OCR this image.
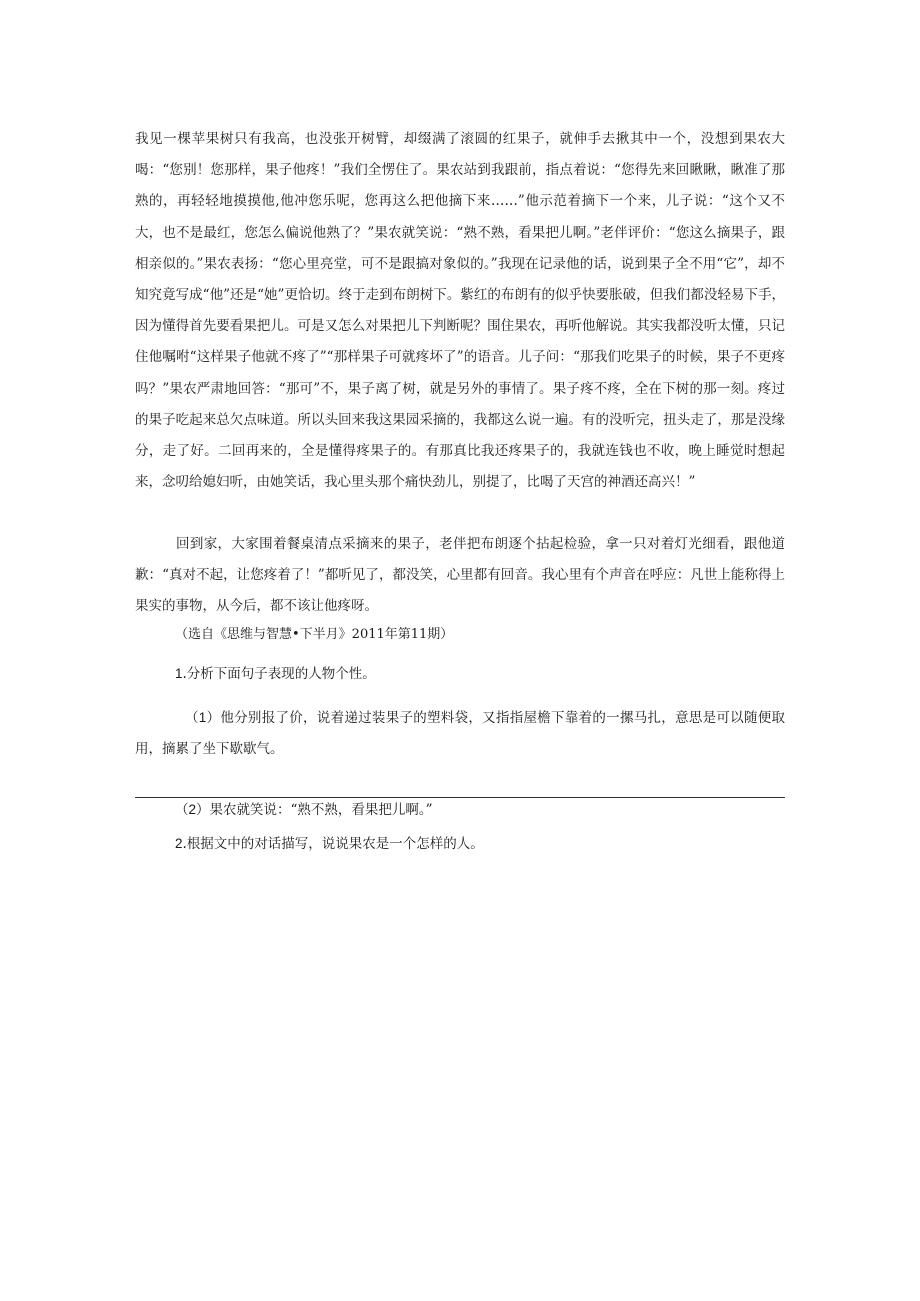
我见一棵苹果树只有我高，也没张开树臂，却缀满了滚圆的红果子，就伸手去揪其中一个，没想到果农大喝：“您别！您那样，果子他疼！”我们全愣住了。果农站到我跟前，指点着说：“您得先来回瞅瞅，瞅准了那熟的，再轻轻地摸摸他,他冲您乐呢，您再这么把他摘下来……”他示范着摘下一个来，儿子说：“这个又不大，也不是最红，您怎么偏说他熟了？”果农就笑说：“熟不熟，看果把儿啊。”老伴评价：“您这么摘果子，跟相亲似的。”果农表扬：“您心里亮堂，可不是跟搞对象似的。”我现在记录他的话，说到果子全不用“它”，却不知究竟写成“他”还是“她”更恰切。终于走到布朗树下。紫红的布朗有的似乎快要胀破，但我们都没轻易下手，因为懂得首先要看果把儿。可是又怎么对果把儿下判断呢？围住果农，再听他解说。其实我都没听太懂，只记住他嘱咐“这样果子他就不疼了”“那样果子可就疼坏了”的语音。儿子问：“那我们吃果子的时候，果子不更疼吗？”果农严肃地回答：“那可”不，果子离了树，就是另外的事情了。果子疼不疼，全在下树的那一刻。疼过的果子吃起来总欠点味道。所以头回来我这果园采摘的，我都这么说一遍。有的没听完，扭头走了，那是没缘分，走了好。二回再来的，全是懂得疼果子的。有那真比我还疼果子的，我就连钱也不收，晚上睡觉时想起来，念叨给媳妇听，由她笑话，我心里头那个痛快劲儿，别提了，比喝了天宫的神酒还高兴！”

回到家，大家围着餐桌清点采摘来的果子，老伴把布朗逐个拈起检验，拿一只对着灯光细看，跟他道歉：“真对不起，让您疼着了！”都听见了，都没笑，心里都有回音。我心里有个声音在呼应：凡世上能称得上果实的事物，从今后，都不该让他疼呀。

（选自《思维与智慧•下半月》2011年第11期）

1.分析下面句子表现的人物个性。

（1）他分别报了价，说着递过装果子的塑料袋，又指指屋檐下靠着的一摞马扎，意思是可以随便取用，摘累了坐下歇歇气。

（2）果农就笑说：“熟不熟，看果把儿啊。”

2.根据文中的对话描写，说说果农是一个怎样的人。
